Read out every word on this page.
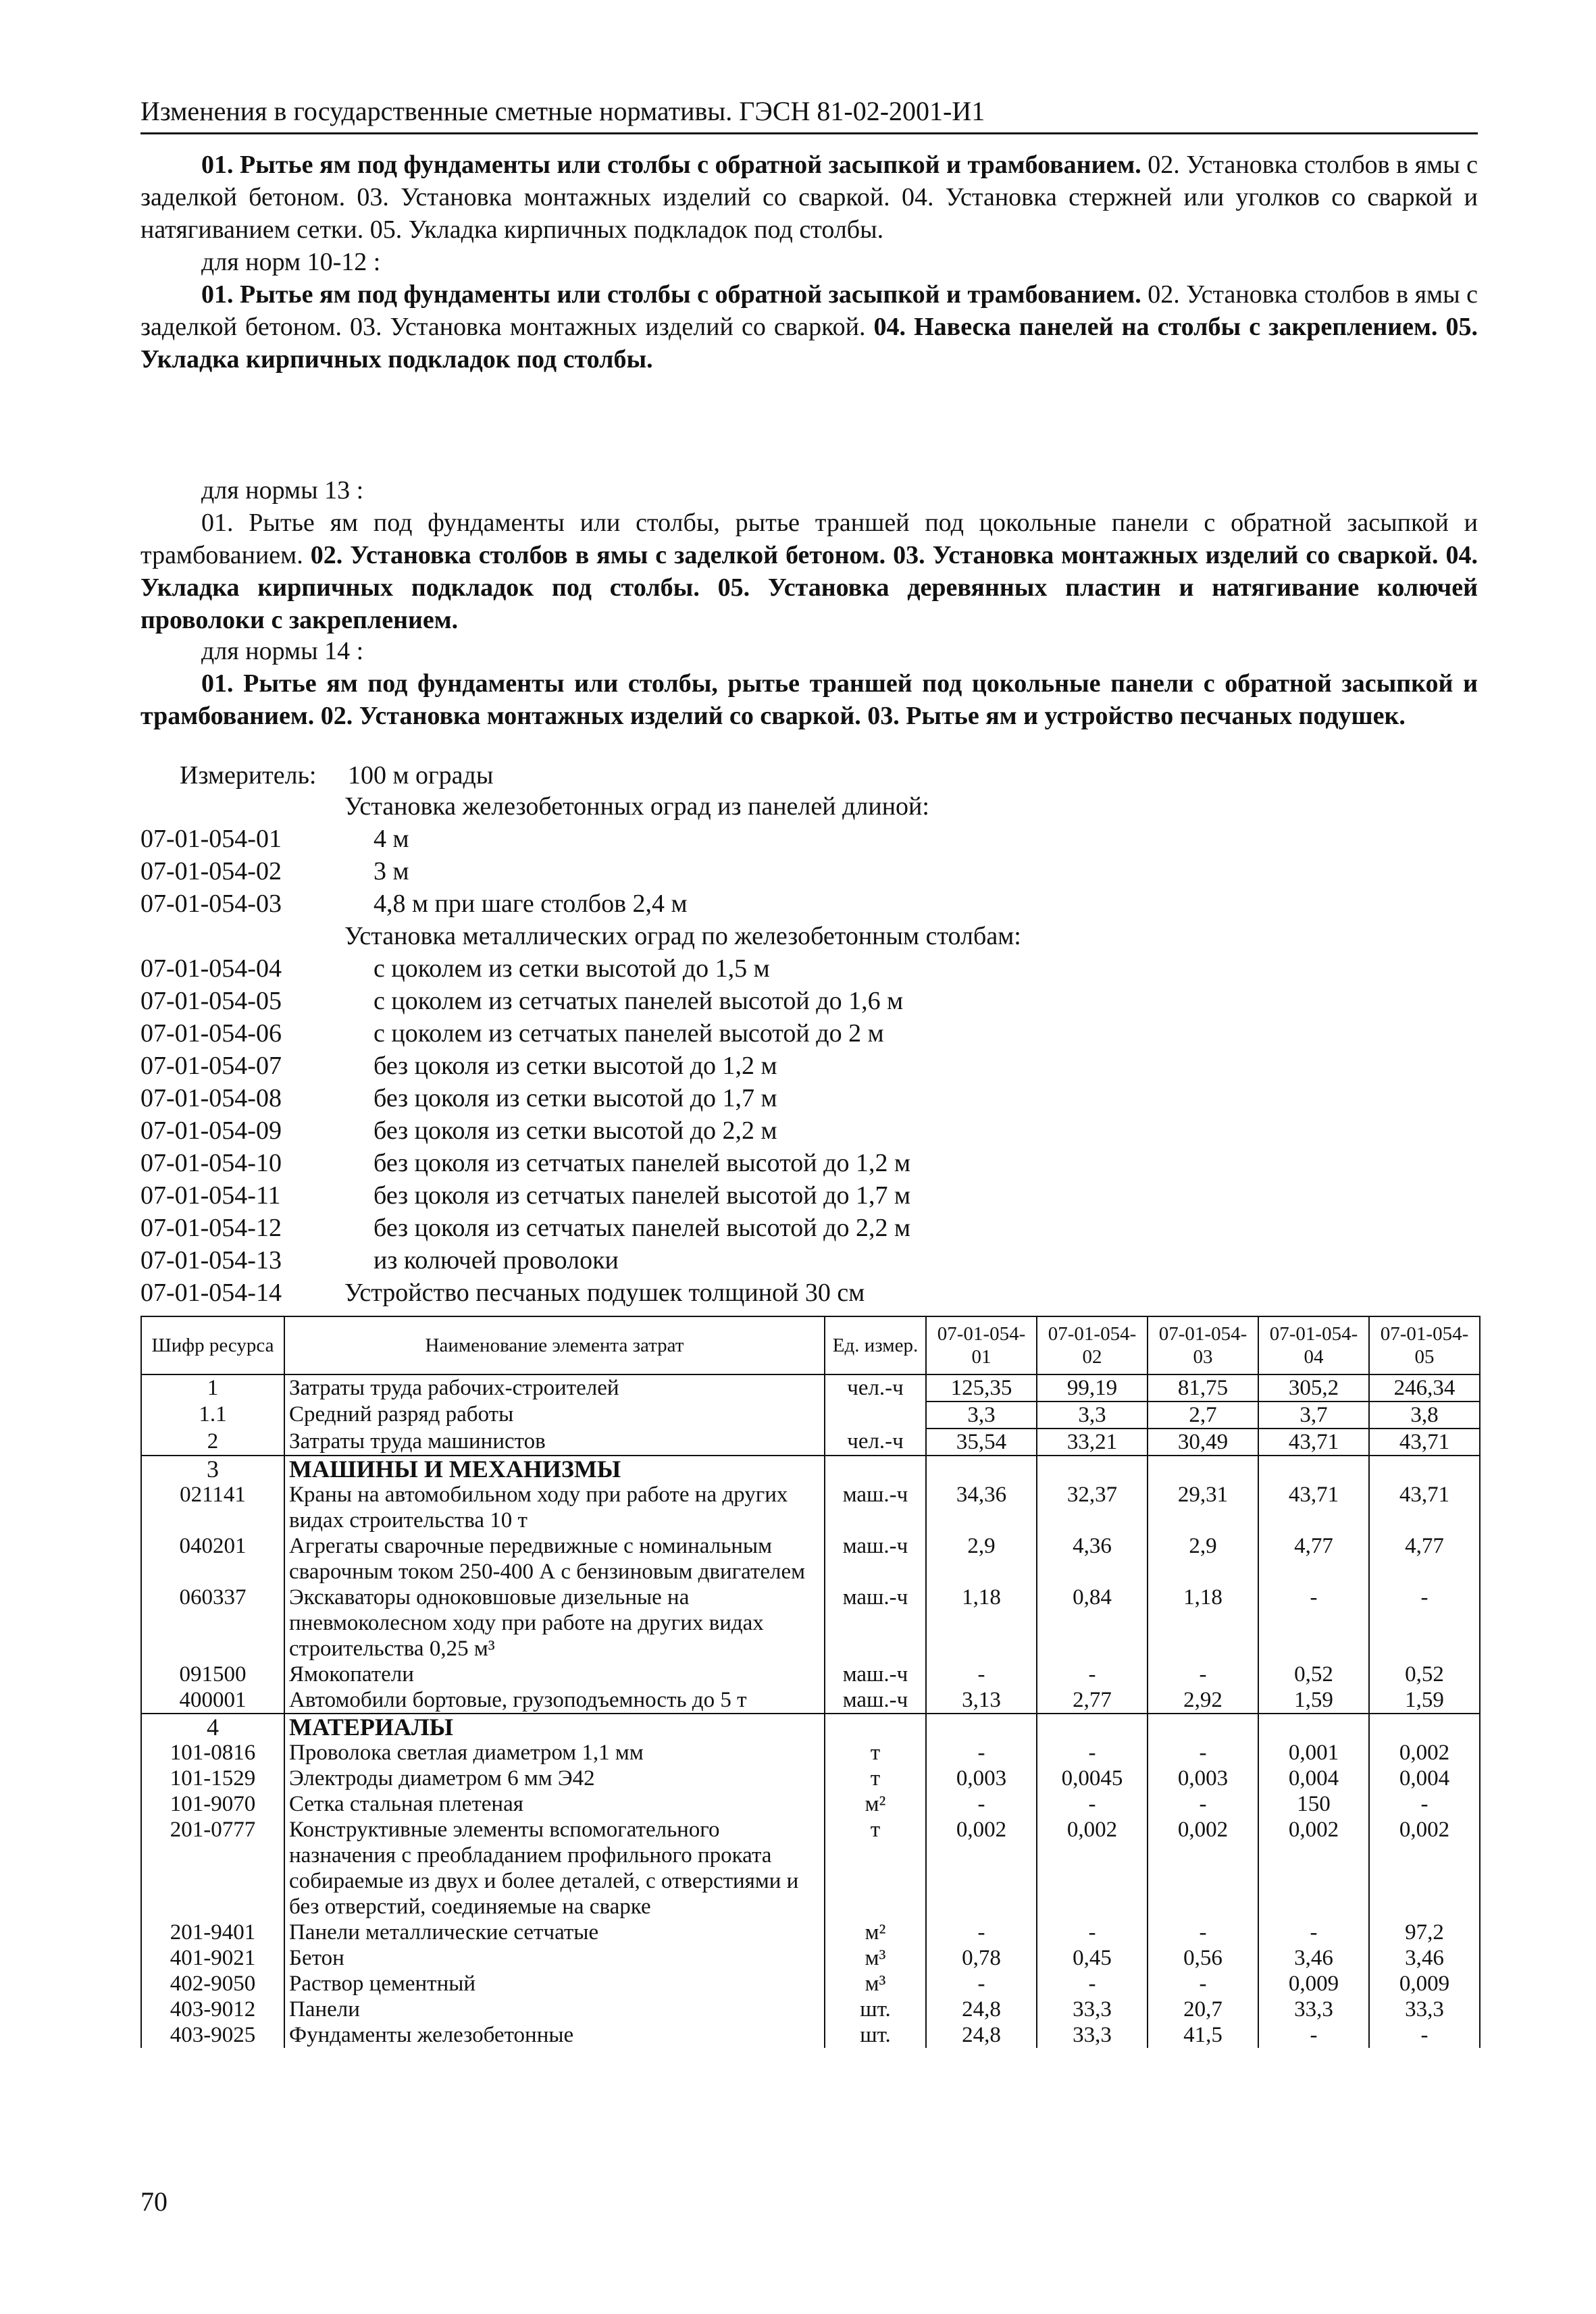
Изменения в государственные сметные нормативы. ГЭСН 81-02-2001-И1
01. Рытье ям под фундаменты или столбы с обратной засыпкой и трамбованием. 02. Установка столбов в ямы с заделкой бетоном. 03. Установка монтажных изделий со сваркой. 04. Установка стержней или уголков со сваркой и натягиванием сетки. 05. Укладка кирпичных подкладок под столбы.
для норм 10-12 :
01. Рытье ям под фундаменты или столбы с обратной засыпкой и трамбованием. 02. Установка столбов в ямы с заделкой бетоном. 03. Установка монтажных изделий со сваркой. 04. Навеска панелей на столбы с закреплением. 05. Укладка кирпичных подкладок под столбы.
для нормы 13 :
01. Рытье ям под фундаменты или столбы, рытье траншей под цокольные панели с обратной засыпкой и трамбованием. 02. Установка столбов в ямы с заделкой бетоном. 03. Установка монтажных изделий со сваркой. 04. Укладка кирпичных подкладок под столбы. 05. Установка деревянных пластин и натягивание колючей проволоки с закреплением.
для нормы 14 :
01. Рытье ям под фундаменты или столбы, рытье траншей под цокольные панели с обратной засыпкой и трамбованием. 02. Установка монтажных изделий со сваркой. 03. Рытье ям и устройство песчаных подушек.
Измеритель: 100 м ограды
Установка железобетонных оград из панелей длиной:
07-01-054-01	4 м
07-01-054-02	3 м
07-01-054-03	4,8 м при шаге столбов 2,4 м
Установка металлических оград по железобетонным столбам:
07-01-054-04	с цоколем из сетки высотой до 1,5 м
07-01-054-05	с цоколем из сетчатых панелей высотой до 1,6 м
07-01-054-06	с цоколем из сетчатых панелей высотой до 2 м
07-01-054-07	без цоколя из сетки высотой до 1,2 м
07-01-054-08	без цоколя из сетки высотой до 1,7 м
07-01-054-09	без цоколя из сетки высотой до 2,2 м
07-01-054-10	без цоколя из сетчатых панелей высотой до 1,2 м
07-01-054-11	без цоколя из сетчатых панелей высотой до 1,7 м
07-01-054-12	без цоколя из сетчатых панелей высотой до 2,2 м
07-01-054-13	из колючей проволоки
07-01-054-14 Устройство песчаных подушек толщиной 30 см
Шифр ресурса	Наименование элемента затрат	Ед. измер.	07-01-054-01	07-01-054-02	07-01-054-03	07-01-054-04	07-01-054-05
1	Затраты труда рабочих-строителей	чел.-ч	125,35	99,19	81,75	305,2	246,34
1.1	Средний разряд работы		3,3	3,3	2,7	3,7	3,8
2	Затраты труда машинистов	чел.-ч	35,54	33,21	30,49	43,71	43,71
3	МАШИНЫ И МЕХАНИЗМЫ						
021141	Краны на автомобильном ходу при работе на других видах строительства 10 т	маш.-ч	34,36	32,37	29,31	43,71	43,71
040201	Агрегаты сварочные передвижные с номинальным сварочным током 250-400 А с бензиновым двигателем	маш.-ч	2,9	4,36	2,9	4,77	4,77
060337	Экскаваторы одноковшовые дизельные на пневмоколесном ходу при работе на других видах строительства 0,25 м³	маш.-ч	1,18	0,84	1,18	-	-
091500	Ямокопатели	маш.-ч	-	-	-	0,52	0,52
400001	Автомобили бортовые, грузоподъемность до 5 т	маш.-ч	3,13	2,77	2,92	1,59	1,59
4	МАТЕРИАЛЫ						
101-0816	Проволока светлая диаметром 1,1 мм	т	-	-	-	0,001	0,002
101-1529	Электроды диаметром 6 мм Э42	т	0,003	0,0045	0,003	0,004	0,004
101-9070	Сетка стальная плетеная	м²	-	-	-	150	-
201-0777	Конструктивные элементы вспомогательного назначения с преобладанием профильного проката собираемые из двух и более деталей, с отверстиями и без отверстий, соединяемые на сварке	т	0,002	0,002	0,002	0,002	0,002
201-9401	Панели металлические сетчатые	м²	-	-	-	-	97,2
401-9021	Бетон	м³	0,78	0,45	0,56	3,46	3,46
402-9050	Раствор цементный	м³	-	-	-	0,009	0,009
403-9012	Панели	шт.	24,8	33,3	20,7	33,3	33,3
403-9025	Фундаменты железобетонные	шт.	24,8	33,3	41,5	-	-
70
